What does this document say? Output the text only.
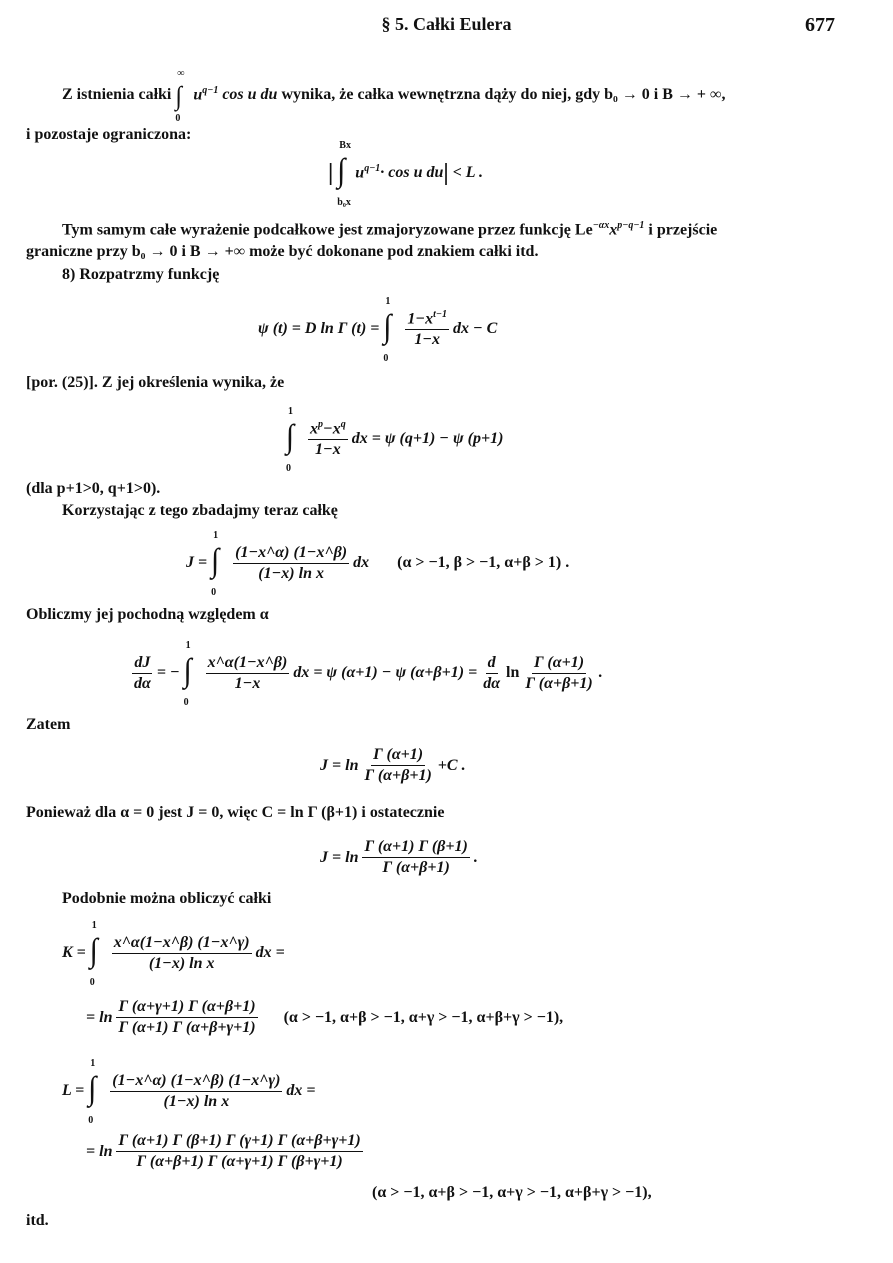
§ 5. Całki Eulera	677
Z istnienia całki ∫
∞
0
$u^{q-1}$
cos u du
wynika, że całka wewnętrzna dąży do niej, gdy b₀ → 0 i B → + ∞,
i pozostaje ograniczona:
| ∫
Bx
b₀x
$u^{q-1} \cdot \cos u$ du |
< L .
Tym samym całe wyrażenie podcałkowe jest zmajoryzowane przez funkcję $Le^{-\alpha x}x^{p-q-1}$ i przejście
graniczne przy b₀ → 0 i B → +∞ może być dokonane pod znakiem całki itd.
8) Rozpatrzmy funkcję
ψ (t) = D ln Γ (t) = ∫
1
0
$\frac{1-x^{t-1}}{1-x}$ dx − C
[por. (25)]. Z jej określenia wynika, że
∫
1
0
$\frac{x^p-x^q}{1-x}$ dx = ψ (q+1) − ψ (p+1)
(dla p+1>0, q+1>0).
Korzystając z tego zbadajmy teraz całkę
J = ∫
1
0
$\frac{(1-x\^{}\alpha) (1-x\^{}\beta)}{\text{(1−x) ln x}}$ dx (α > −1, β > −1, α+β > 1) .
Obliczmy jej pochodną względem α
$\frac{dJ}{d\alpha}$ = − ∫
1
0
$\frac{x\^{}\alpha(1-x\^{}\beta)}{1-x}$ dx = ψ (α+1) − ψ $(\alpha+\beta+1) = \frac{d}{d\alpha}$ $\ln \frac{\Gamma (\alpha+1)}{\Gamma (\alpha+\beta+1)}$ .
Zatem
$J = \ln \frac{\Gamma (\alpha+1)}{\Gamma (\alpha+\beta+1)} +C$ .
Ponieważ dla α = 0 jest J = 0, więc C = ln Γ (β+1) i ostatecznie
$J = \ln \frac{\Gamma (\alpha+1) \Gamma (\beta+1)}{\Gamma (\alpha+\beta+1)}$ .
Podobnie można obliczyć całki
K = ∫
1
0
$\frac{x\^{}\alpha(1-x\^{}\beta) (1-x\^{}\gamma)}{\text{(1−x) ln x}}$ dx =
= $\ln \frac{\Gamma (\alpha+\gamma+1) \Gamma (\alpha+\beta+1)}{\Gamma (\alpha+1) \Gamma (\alpha+\beta+\gamma+1)} (\alpha > -1$, α+β > −1, α+γ > −1, α+β+γ > −1),
L = ∫
1
0
$\frac{(1-x\^{}\alpha) (1-x\^{}\beta) (1-x\^{}\gamma)}{\text{(1−x) ln x}}$ dx =
= $\ln \frac{\Gamma (\alpha+1) \Gamma (\beta+1) \Gamma (\gamma+1) \Gamma (\alpha+\beta+\gamma+1)}{\Gamma (\alpha+\beta+1) \Gamma (\alpha+\gamma+1) \Gamma (\beta+\gamma+1)}$
(α > −1, α+β > −1, α+γ > −1, α+β+γ > −1),
itd.
